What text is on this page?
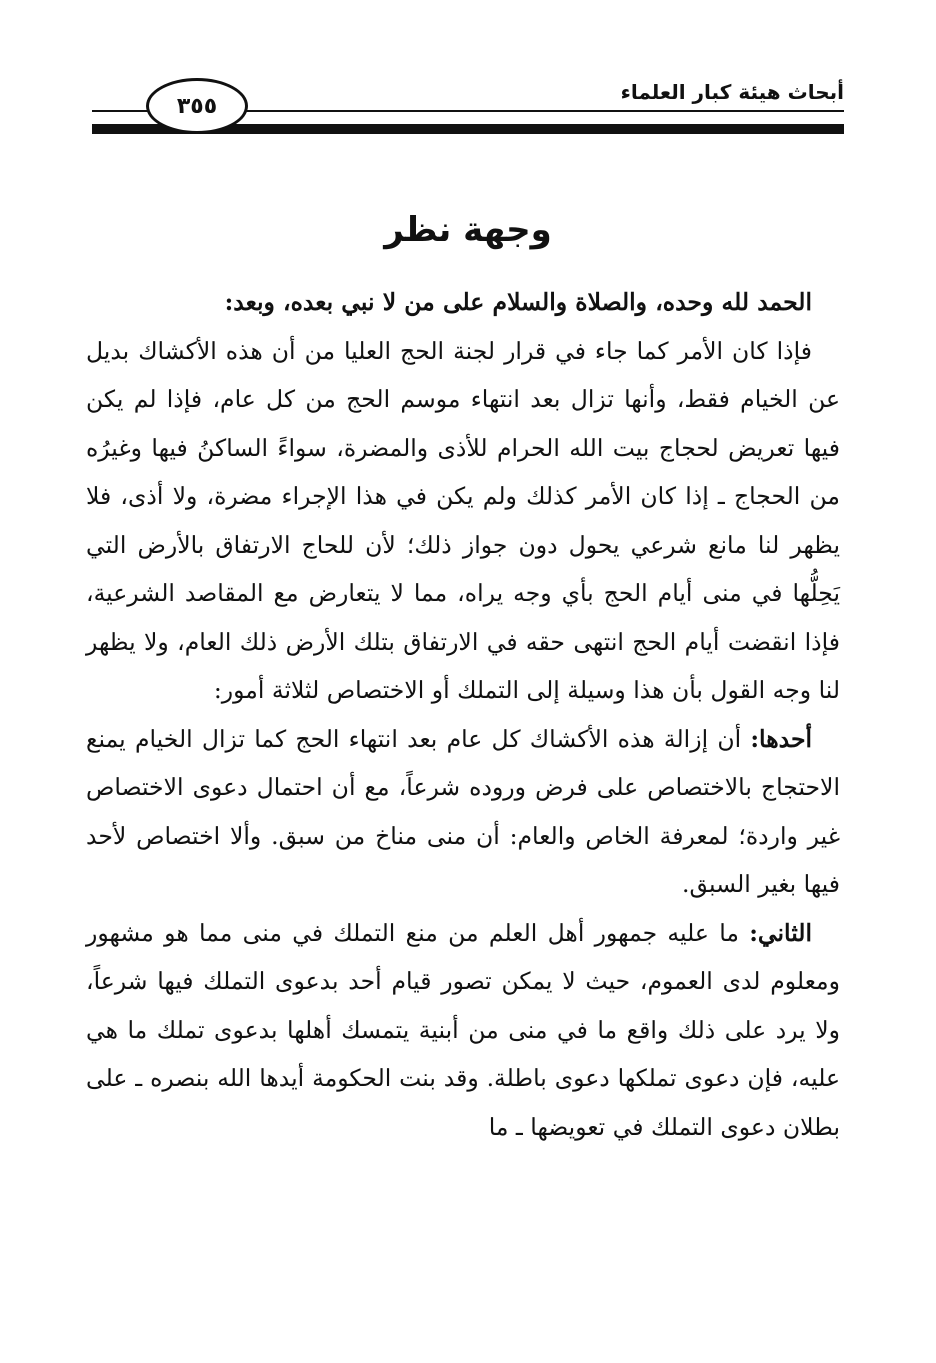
أبحاث هيئة كبار العلماء
٣٥٥
وجهة نظر

الحمد لله وحده، والصلاة والسلام على من لا نبي بعده، وبعد:

فإذا كان الأمر كما جاء في قرار لجنة الحج العليا من أن هذه الأكشاك بديل عن الخيام فقط، وأنها تزال بعد انتهاء موسم الحج من كل عام، فإذا لم يكن فيها تعريض لحجاج بيت الله الحرام للأذى والمضرة، سواءً الساكنُ فيها وغيرُه من الحجاج ـ إذا كان الأمر كذلك ولم يكن في هذا الإجراء مضرة، ولا أذى، فلا يظهر لنا مانع شرعي يحول دون جواز ذلك؛ لأن للحاج الارتفاق بالأرض التي يَحِلُّها في منى أيام الحج بأي وجه يراه، مما لا يتعارض مع المقاصد الشرعية، فإذا انقضت أيام الحج انتهى حقه في الارتفاق بتلك الأرض ذلك العام، ولا يظهر لنا وجه القول بأن هذا وسيلة إلى التملك أو الاختصاص لثلاثة أمور:

أحدها: أن إزالة هذه الأكشاك كل عام بعد انتهاء الحج كما تزال الخيام يمنع الاحتجاج بالاختصاص على فرض وروده شرعاً، مع أن احتمال دعوى الاختصاص غير واردة؛ لمعرفة الخاص والعام: أن منى مناخ من سبق. وألا اختصاص لأحد فيها بغير السبق.

الثاني: ما عليه جمهور أهل العلم من منع التملك في منى مما هو مشهور ومعلوم لدى العموم، حيث لا يمكن تصور قيام أحد بدعوى التملك فيها شرعاً، ولا يرد على ذلك واقع ما في منى من أبنية يتمسك أهلها بدعوى تملك ما هي عليه، فإن دعوى تملكها دعوى باطلة. وقد بنت الحكومة أيدها الله بنصره ـ على بطلان دعوى التملك في تعويضها ـ ما
